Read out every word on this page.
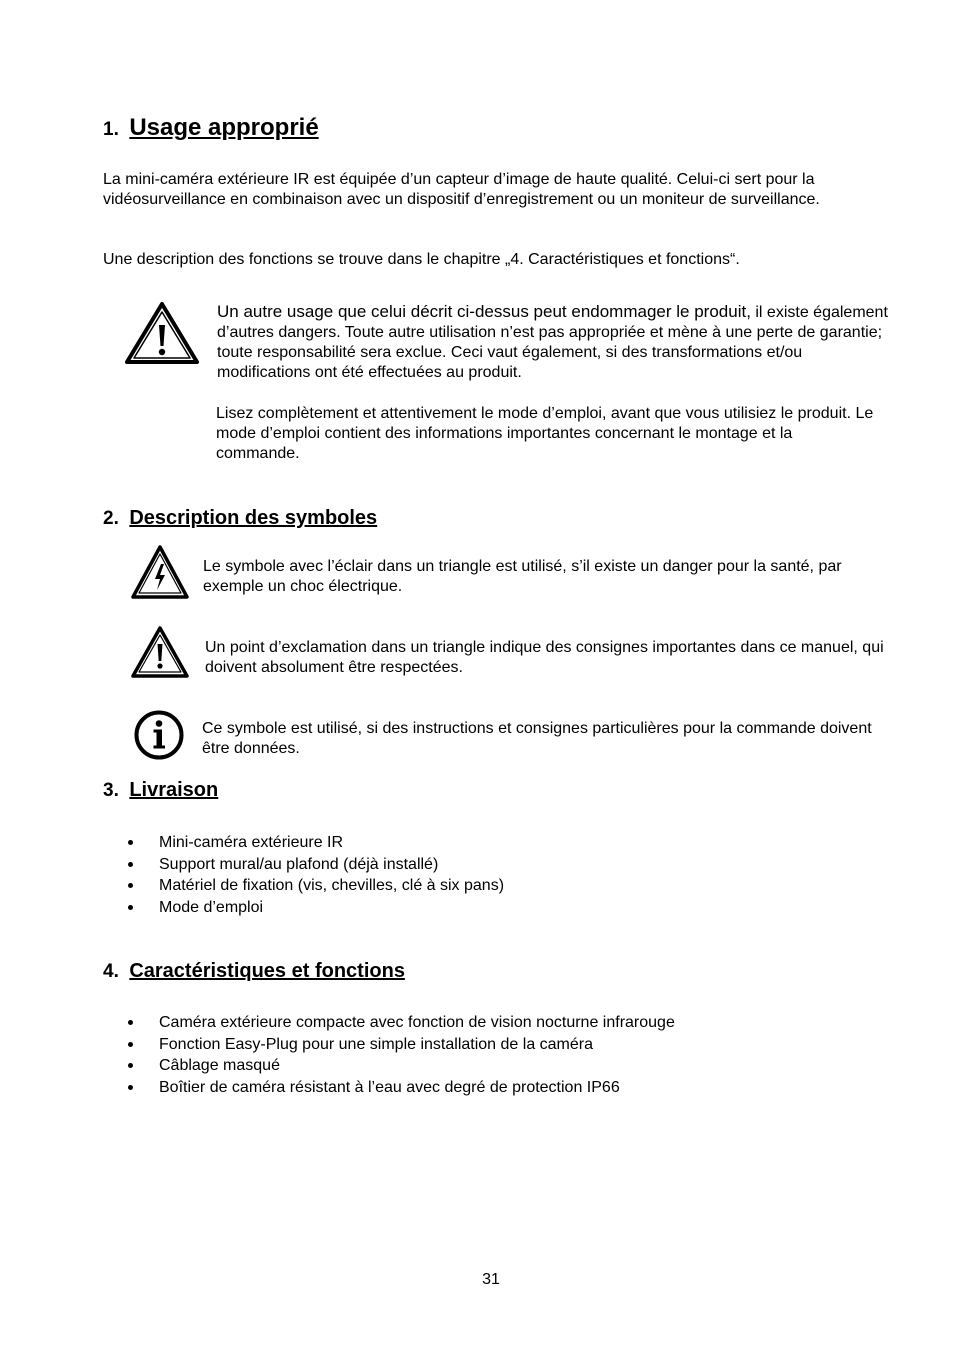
1. Usage approprié
La mini-caméra extérieure IR est équipée d’un capteur d’image de haute qualité. Celui-ci sert pour la vidéosurveillance en combinaison avec un dispositif d’enregistrement ou un moniteur de surveillance.
Une description des fonctions se trouve dans le chapitre „4. Caractéristiques et fonctions“.
Un autre usage que celui décrit ci-dessus peut endommager le produit, il existe également d’autres dangers. Toute autre utilisation n’est pas appropriée et mène à une perte de garantie; toute responsabilité sera exclue. Ceci vaut également, si des transformations et/ou modifications ont été effectuées au produit.
Lisez complètement et attentivement le mode d’emploi, avant que vous utilisiez le produit. Le mode d’emploi contient des informations importantes concernant le montage et la commande.
2. Description des symboles
Le symbole avec l’éclair dans un triangle est utilisé, s’il existe un danger pour la santé, par exemple un choc électrique.
Un point d’exclamation dans un triangle indique des consignes importantes dans ce manuel, qui doivent absolument être respectées.
Ce symbole est utilisé, si des instructions et consignes particulières pour la commande doivent être données.
3. Livraison
Mini-caméra extérieure IR
Support mural/au plafond (déjà installé)
Matériel de fixation (vis, chevilles, clé à six pans)
Mode d’emploi
4. Caractéristiques et fonctions
Caméra extérieure compacte avec fonction de vision nocturne infrarouge
Fonction Easy-Plug pour une simple installation de la caméra
Câblage masqué
Boîtier de caméra résistant à l’eau avec degré de protection IP66
31
